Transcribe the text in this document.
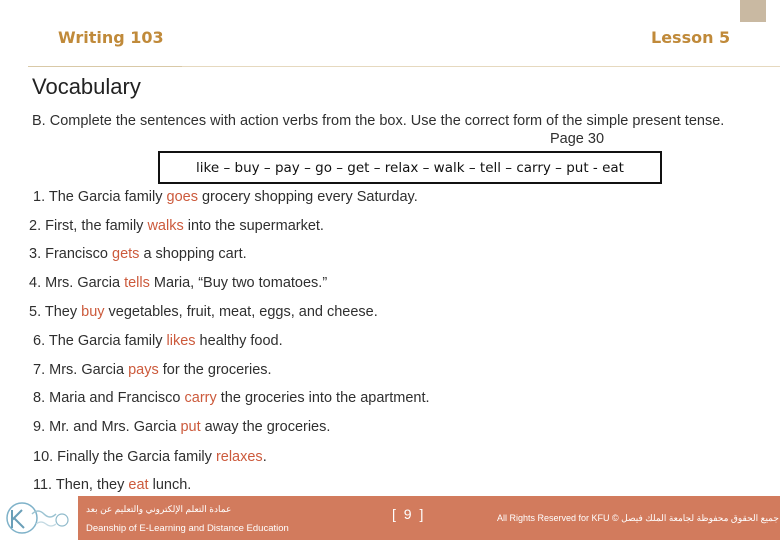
Writing 103	Lesson 5
Vocabulary
B. Complete the sentences with action verbs from the box. Use the correct form of the simple present tense.
Page 30
like – buy – pay – go – get – relax – walk – tell – carry – put - eat
1. The Garcia family goes grocery shopping every Saturday.
2. First, the family walks into the supermarket.
3. Francisco gets a shopping cart.
4. Mrs. Garcia tells Maria, “Buy two tomatoes.”
5. They buy vegetables, fruit, meat, eggs, and cheese.
6. The Garcia family likes healthy food.
7. Mrs. Garcia pays for the groceries.
8. Maria and Francisco carry the groceries into the apartment.
9. Mr. and Mrs. Garcia put away the groceries.
10. Finally the Garcia family relaxes.
11. Then, they eat lunch.
عمادة التعلم الإلكتروني والتعليم عن بعد
Deanship of E-Learning and Distance Education
[ 9 ]	All Rights Reserved for KFU © جميع الحقوق محفوظة لجامعة الملك فيصل
